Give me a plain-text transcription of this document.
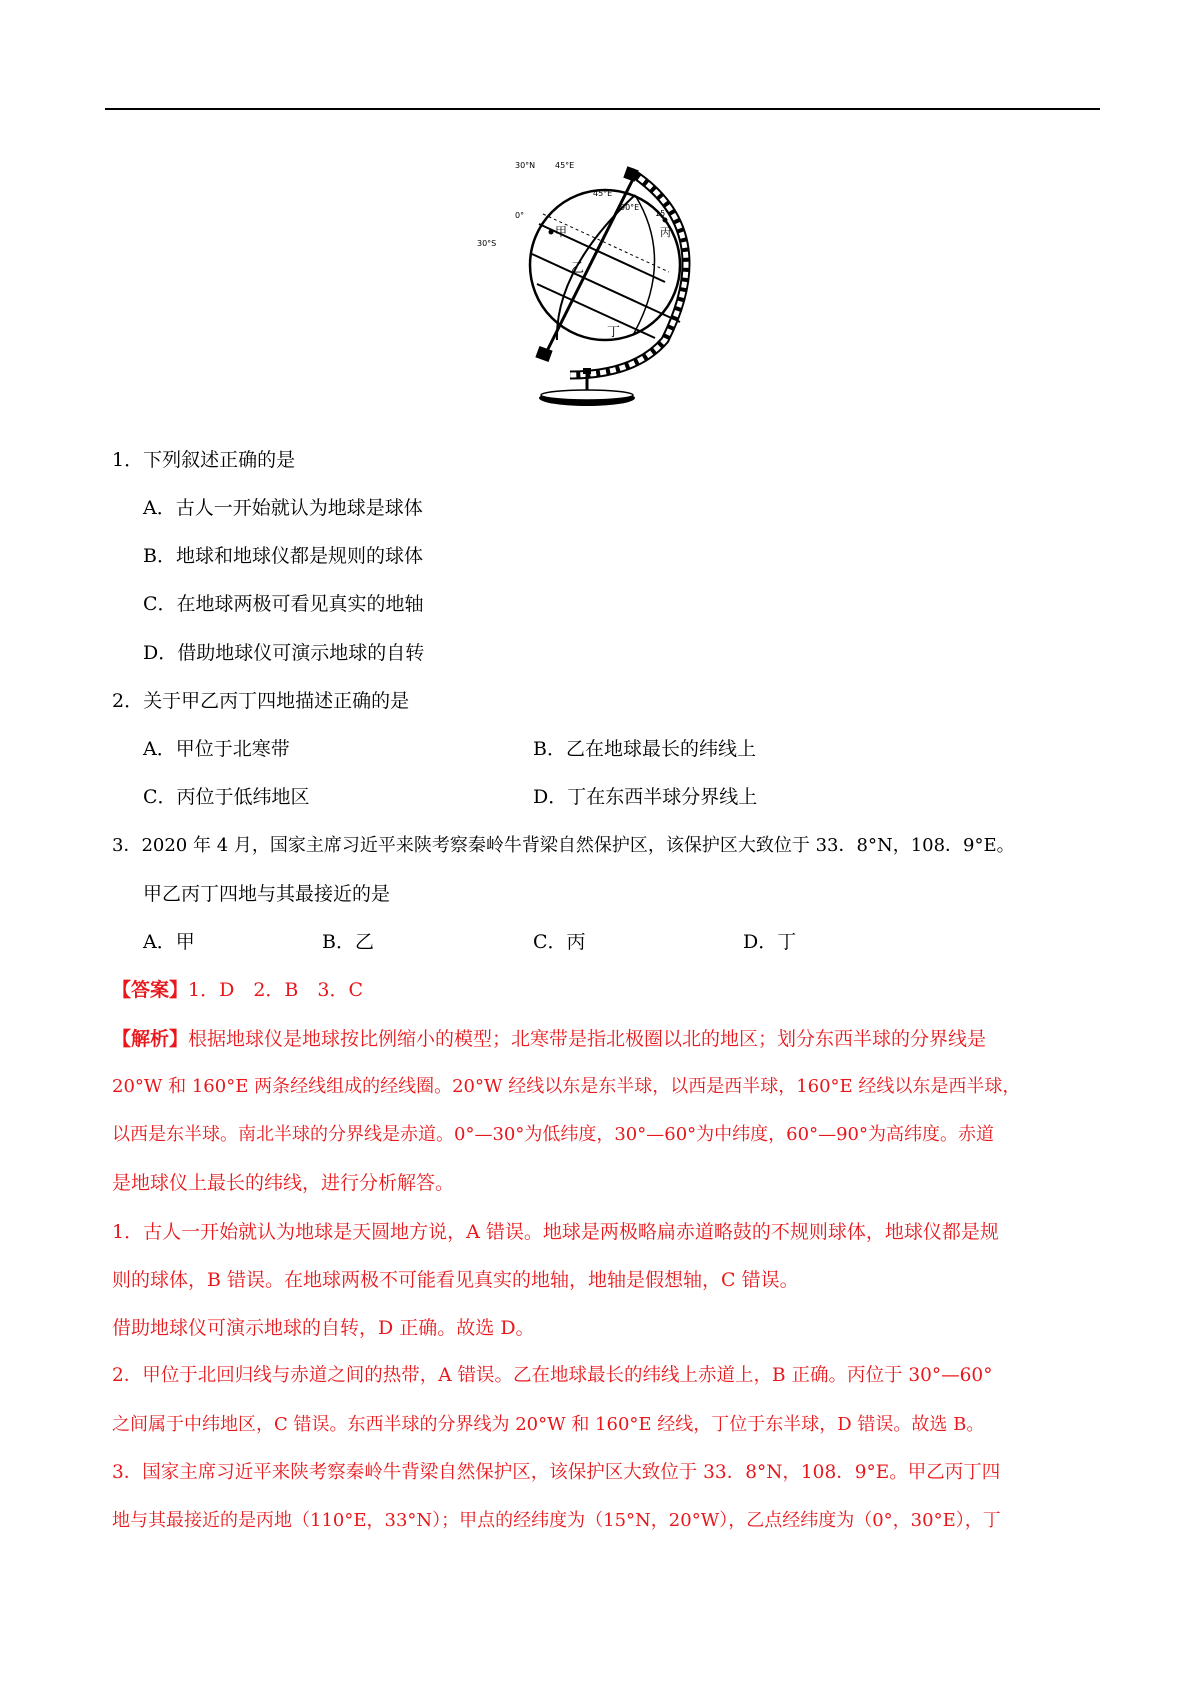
30°N 45°E
45°E
90°E
15°
0°
30°S
甲
乙
丙
丁
1．下列叙述正确的是
A．古人一开始就认为地球是球体
B．地球和地球仪都是规则的球体
C．在地球两极可看见真实的地轴
D．借助地球仪可演示地球的自转
2．关于甲乙丙丁四地描述正确的是
A．甲位于北寒带	B．乙在地球最长的纬线上
C．丙位于低纬地区	D．丁在东西半球分界线上
3．2020 年 4 月，国家主席习近平来陕考察秦岭牛背梁自然保护区，该保护区大致位于 33．8°N，108．9°E。
甲乙丙丁四地与其最接近的是
A．甲	B．乙	C．丙	D．丁
【答案】1．D　2．B　3．C
【解析】根据地球仪是地球按比例缩小的模型；北寒带是指北极圈以北的地区；划分东西半球的分界线是
20°W 和 160°E 两条经线组成的经线圈。20°W 经线以东是东半球，以西是西半球，160°E 经线以东是西半球，
以西是东半球。南北半球的分界线是赤道。0°—30°为低纬度，30°—60°为中纬度，60°—90°为高纬度。赤道
是地球仪上最长的纬线，进行分析解答。
1．古人一开始就认为地球是天圆地方说，A 错误。地球是两极略扁赤道略鼓的不规则球体，地球仪都是规
则的球体，B 错误。在地球两极不可能看见真实的地轴，地轴是假想轴，C 错误。
借助地球仪可演示地球的自转，D 正确。故选 D。
2．甲位于北回归线与赤道之间的热带，A 错误。乙在地球最长的纬线上赤道上，B 正确。丙位于 30°—60°
之间属于中纬地区，C 错误。东西半球的分界线为 20°W 和 160°E 经线，丁位于东半球，D 错误。故选 B。
3．国家主席习近平来陕考察秦岭牛背梁自然保护区，该保护区大致位于 33．8°N，108．9°E。甲乙丙丁四
地与其最接近的是丙地（110°E，33°N）；甲点的经纬度为（15°N，20°W），乙点经纬度为（0°，30°E），丁
